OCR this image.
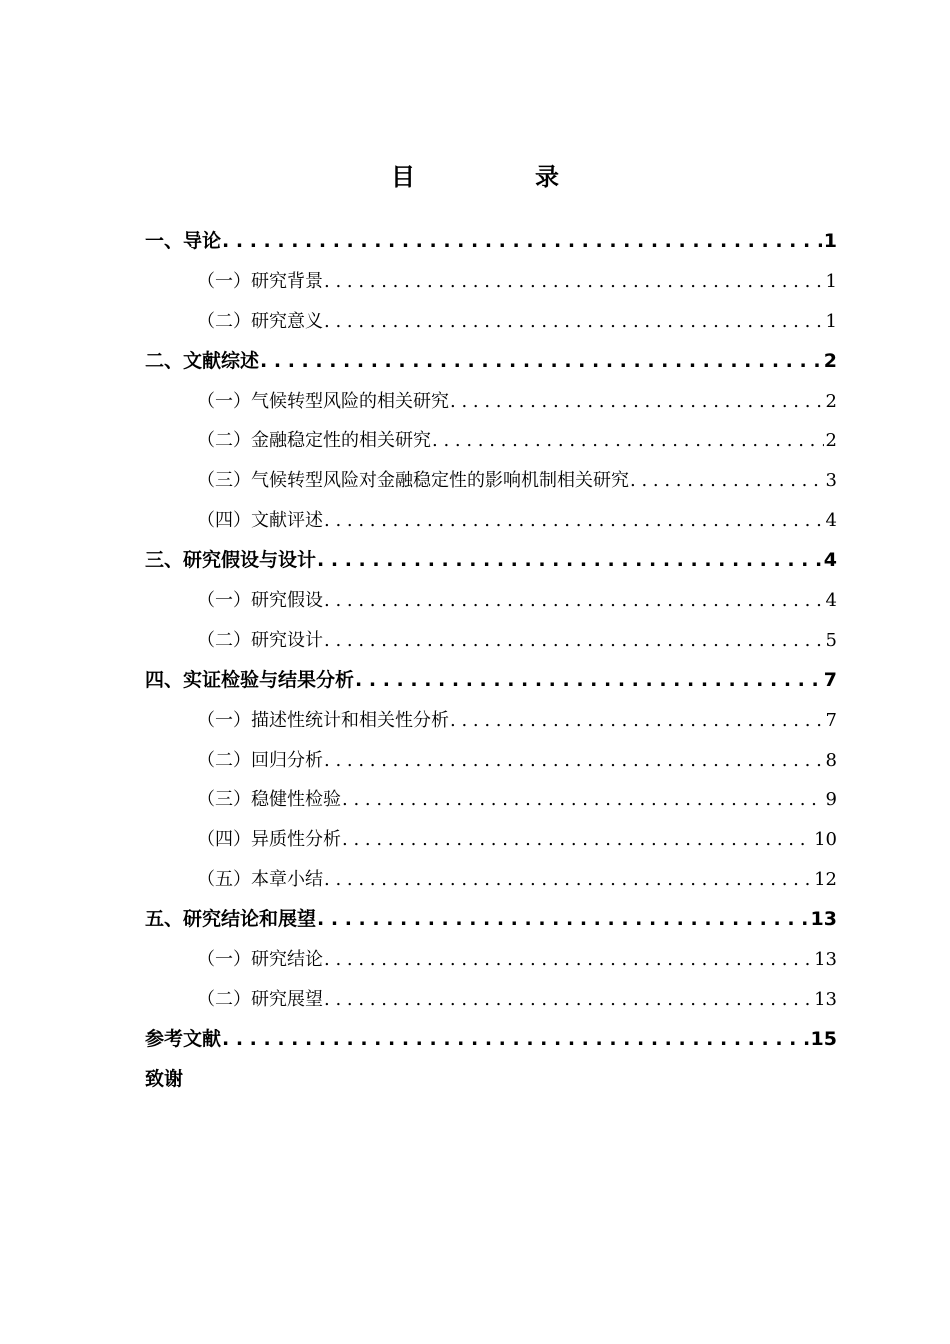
目　录
一、 导论 . . .	1
（一） 研究背景 . . .	1
（二） 研究意义 . . .	1
二、 文献综述 . . .	2
（一） 气候转型风险的相关研究 . . .	2
（二） 金融稳定性的相关研究 . . .	2
（三） 气候转型风险对金融稳定性的影响机制相关研究 . . .	3
（四） 文献评述 . . .	4
三、 研究假设与设计 . . .	4
（一） 研究假设 . . .	4
（二） 研究设计 . . .	5
四、 实证检验与结果分析 . . .	7
（一） 描述性统计和相关性分析 . . .	7
（二） 回归分析 . . .	8
（三） 稳健性检验 . . .	9
（四） 异质性分析 . . .	10
（五） 本章小结 . . .	12
五、 研究结论和展望 . . .	13
（一） 研究结论 . . .	13
（二） 研究展望 . . .	13
参考文献 . . .	15
致谢
